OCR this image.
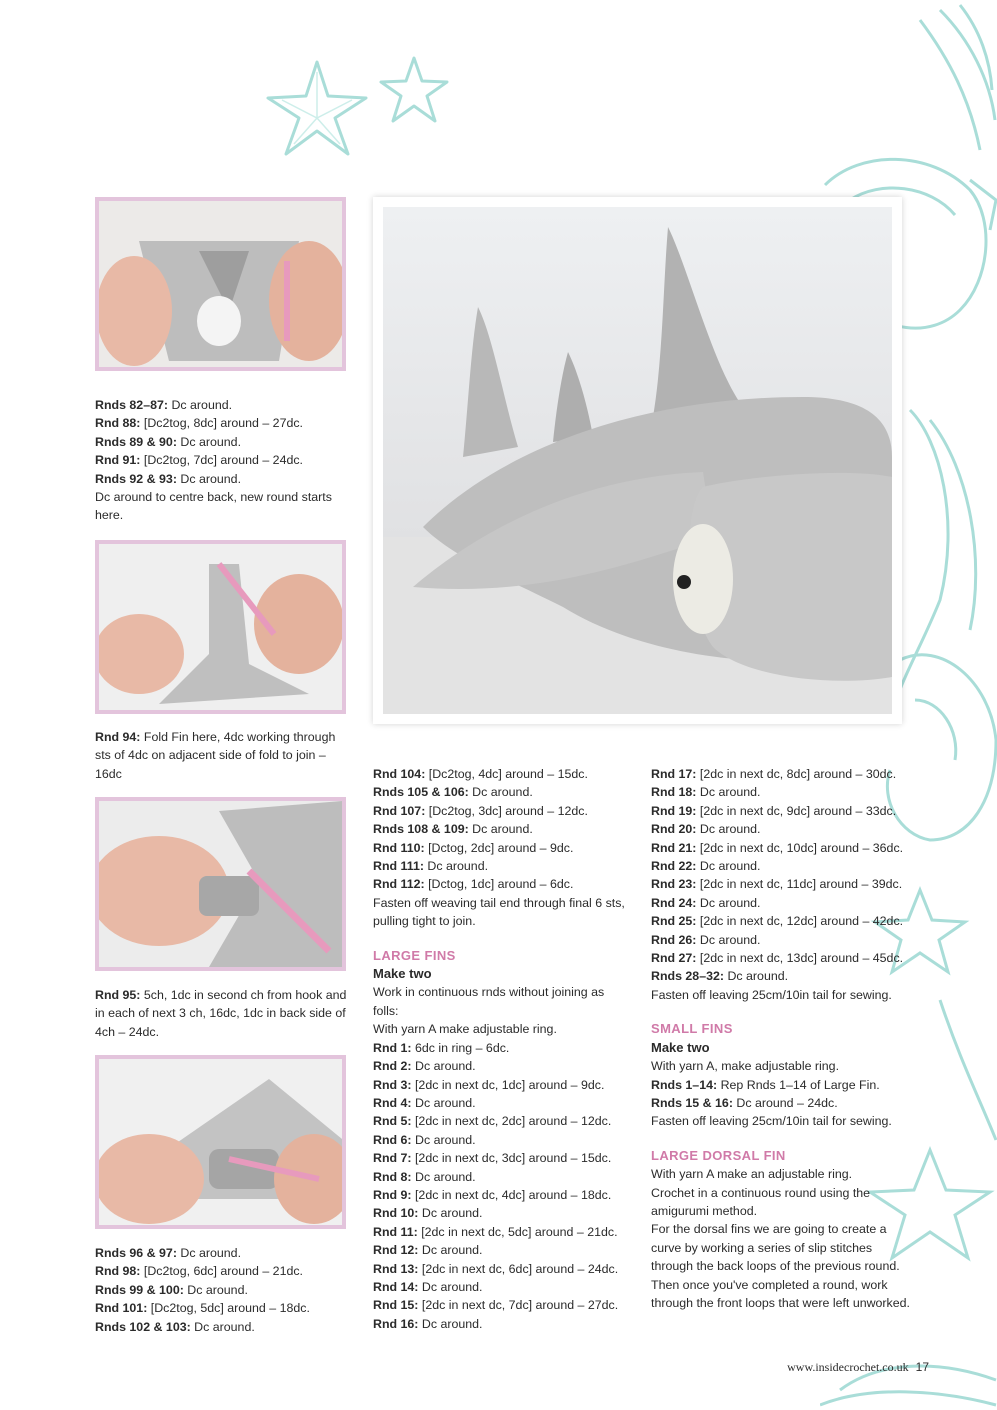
Rnds 82–87: Dc around.

Rnd 88: [Dc2tog, 8dc] around – 27dc.

Rnds 89 & 90: Dc around.

Rnd 91: [Dc2tog, 7dc] around – 24dc.

Rnds 92 & 93: Dc around.

Dc around to centre back, new round starts here.

Rnd 94: Fold Fin here, 4dc working through sts of 4dc on adjacent side of fold to join – 16dc

Rnd 95: 5ch, 1dc in second ch from hook and in each of next 3 ch, 16dc, 1dc in back side of 4ch – 24dc.

Rnds 96 & 97: Dc around.

Rnd 98: [Dc2tog, 6dc] around – 21dc.

Rnds 99 & 100: Dc around.

Rnd 101: [Dc2tog, 5dc] around – 18dc.

Rnds 102 & 103: Dc around.

Rnd 104: [Dc2tog, 4dc] around – 15dc.

Rnds 105 & 106: Dc around.

Rnd 107: [Dc2tog, 3dc] around – 12dc.

Rnds 108 & 109: Dc around.

Rnd 110: [Dctog, 2dc] around – 9dc.

Rnd 111: Dc around.

Rnd 112: [Dctog, 1dc] around – 6dc.

Fasten off weaving tail end through final 6 sts, pulling tight to join.

LARGE FINS

Make two

Work in continuous rnds without joining as folls:

With yarn A make adjustable ring.

Rnd 1: 6dc in ring – 6dc.

Rnd 2: Dc around.

Rnd 3: [2dc in next dc, 1dc] around – 9dc.

Rnd 4: Dc around.

Rnd 5: [2dc in next dc, 2dc] around – 12dc.

Rnd 6: Dc around.

Rnd 7: [2dc in next dc, 3dc] around – 15dc.

Rnd 8: Dc around.

Rnd 9: [2dc in next dc, 4dc] around – 18dc.

Rnd 10: Dc around.

Rnd 11: [2dc in next dc, 5dc] around – 21dc.

Rnd 12: Dc around.

Rnd 13: [2dc in next dc, 6dc] around – 24dc.

Rnd 14: Dc around.

Rnd 15: [2dc in next dc, 7dc] around – 27dc.

Rnd 16: Dc around.

Rnd 17: [2dc in next dc, 8dc] around – 30dc.

Rnd 18: Dc around.

Rnd 19: [2dc in next dc, 9dc] around – 33dc.

Rnd 20: Dc around.

Rnd 21: [2dc in next dc, 10dc] around – 36dc.

Rnd 22: Dc around.

Rnd 23: [2dc in next dc, 11dc] around – 39dc.

Rnd 24: Dc around.

Rnd 25: [2dc in next dc, 12dc] around – 42dc.

Rnd 26: Dc around.

Rnd 27: [2dc in next dc, 13dc] around – 45dc.

Rnds 28–32: Dc around.

Fasten off leaving 25cm/10in tail for sewing.

SMALL FINS

Make two

With yarn A, make adjustable ring.

Rnds 1–14: Rep Rnds 1–14 of Large Fin.

Rnds 15 & 16: Dc around – 24dc.

Fasten off leaving 25cm/10in tail for sewing.

LARGE DORSAL FIN

With yarn A make an adjustable ring.

Crochet in a continuous round using the amigurumi method.

For the dorsal fins we are going to create a curve by working a series of slip stitches through the back loops of the previous round. Then once you've completed a round, work through the front loops that were left unworked.

www.insidecrochet.co.uk 17
